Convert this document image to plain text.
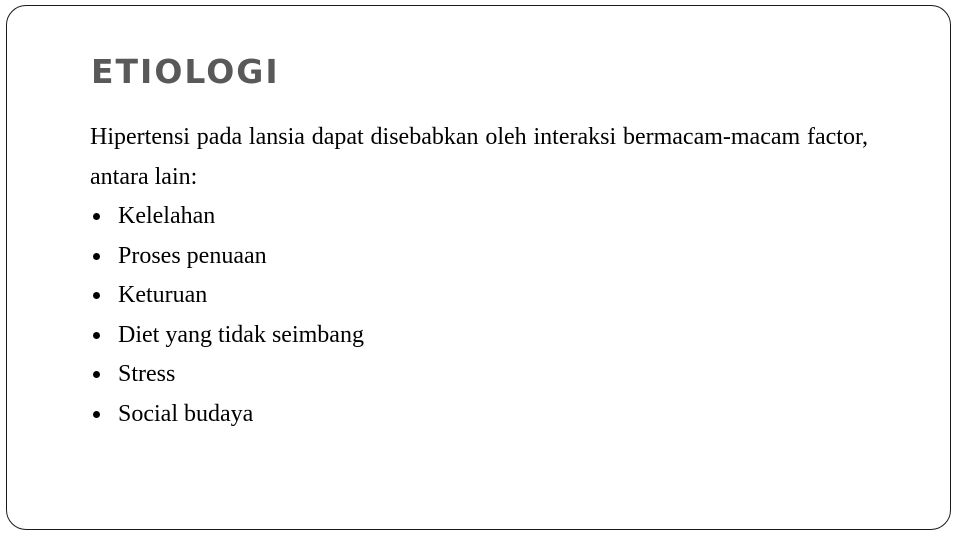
ETIOLOGI

Hipertensi pada lansia dapat disebabkan oleh interaksi bermacam-macam factor, antara lain:

Kelelahan
Proses penuaan
Keturuan
Diet yang tidak seimbang
Stress
Social budaya
